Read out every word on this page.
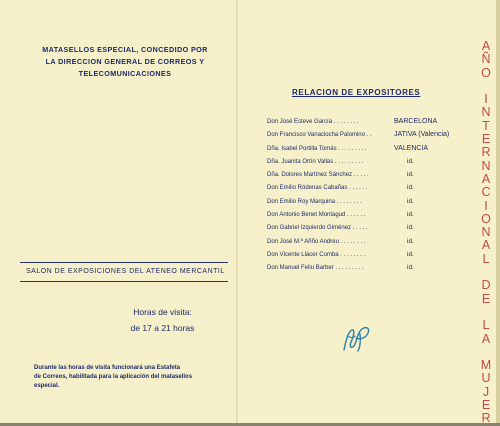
MATASELLOS ESPECIAL, CONCEDIDO POR
LA DIRECCION GENERAL DE CORREOS Y
TELECOMUNICACIONES
SALON DE EXPOSICIONES DEL ATENEO MERCANTIL
Horas de visita:
de 17 a 21 horas
Durante las horas de visita funcionará una Estafeta
de Correos, habilitada para la aplicación del matasellos
especial.
RELACION DE EXPOSITORES
Don José Esteve García . . . . . . . .	BARCELONA
Don Francisco Vanaclocha Palomino . .	JATIVA (Valencia)
Dña. Isabel Portilla Tomás . . . . . . . . .	VALENCIA
Dña. Juanita Ortín Vallas . . . . . . . . .	id.
Dña. Dolores Martínez Sánchez . . . . .	id.
Don Emilio Ródenas Cabañas . . . . . .	id.
Don Emilio Roy Marquina . . . . . . . .	id.
Don Antonio Benet Montagud . . . . . .	id.
Don Gabriel Izquierdo Giménez . . . . .	id.
Don José M.ª Añño Andreu . . . . . . . .	id.
Don Vicente Llácer Comba . . . . . . . .	id.
Don Manuel Feliu Barber . . . . . . . . .	id.
A
Ñ
O

I
N
T
E
R
N
A
C
I
O
N
A
L

D
E

L
A

M
U
J
E
R
